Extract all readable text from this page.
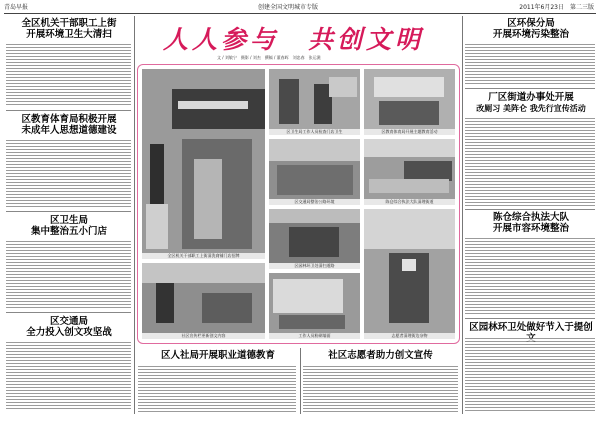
青岛早报	创建全国文明城市专版	2011年6月23日　第二三版
全区机关干部职工上街
开展环境卫生大清扫
区教育体育局积极开展
未成年人思想道德建设
区卫生局
集中整治五小门店
区交通局
全力投入创文攻坚战
人人参与　共创文明
文 / 刘敏宁　摄影 / 刘杰　撰稿 / 董春晖　刘忠春　张运澳
全区机关干部职工上街清洗商铺门店招牌
区卫生局工作人员检查门店卫生	区教育体育局开展主题教育活动
区交通局整治公路环境	陈仓综合执法大队清理街道
区园林环卫处清扫道路
志愿者清理街边杂物
社区宣传栏更新创文内容	工作人员粉刷墙面
区人社局开展职业道德教育	社区志愿者助力创文宣传
区环保分局
开展环境污染整治
厂区街道办事处开展
改厕习 美阵仑 我先行宣传活动
陈仓综合执法大队
开展市容环境整治
区园林环卫处做好节入于提创
